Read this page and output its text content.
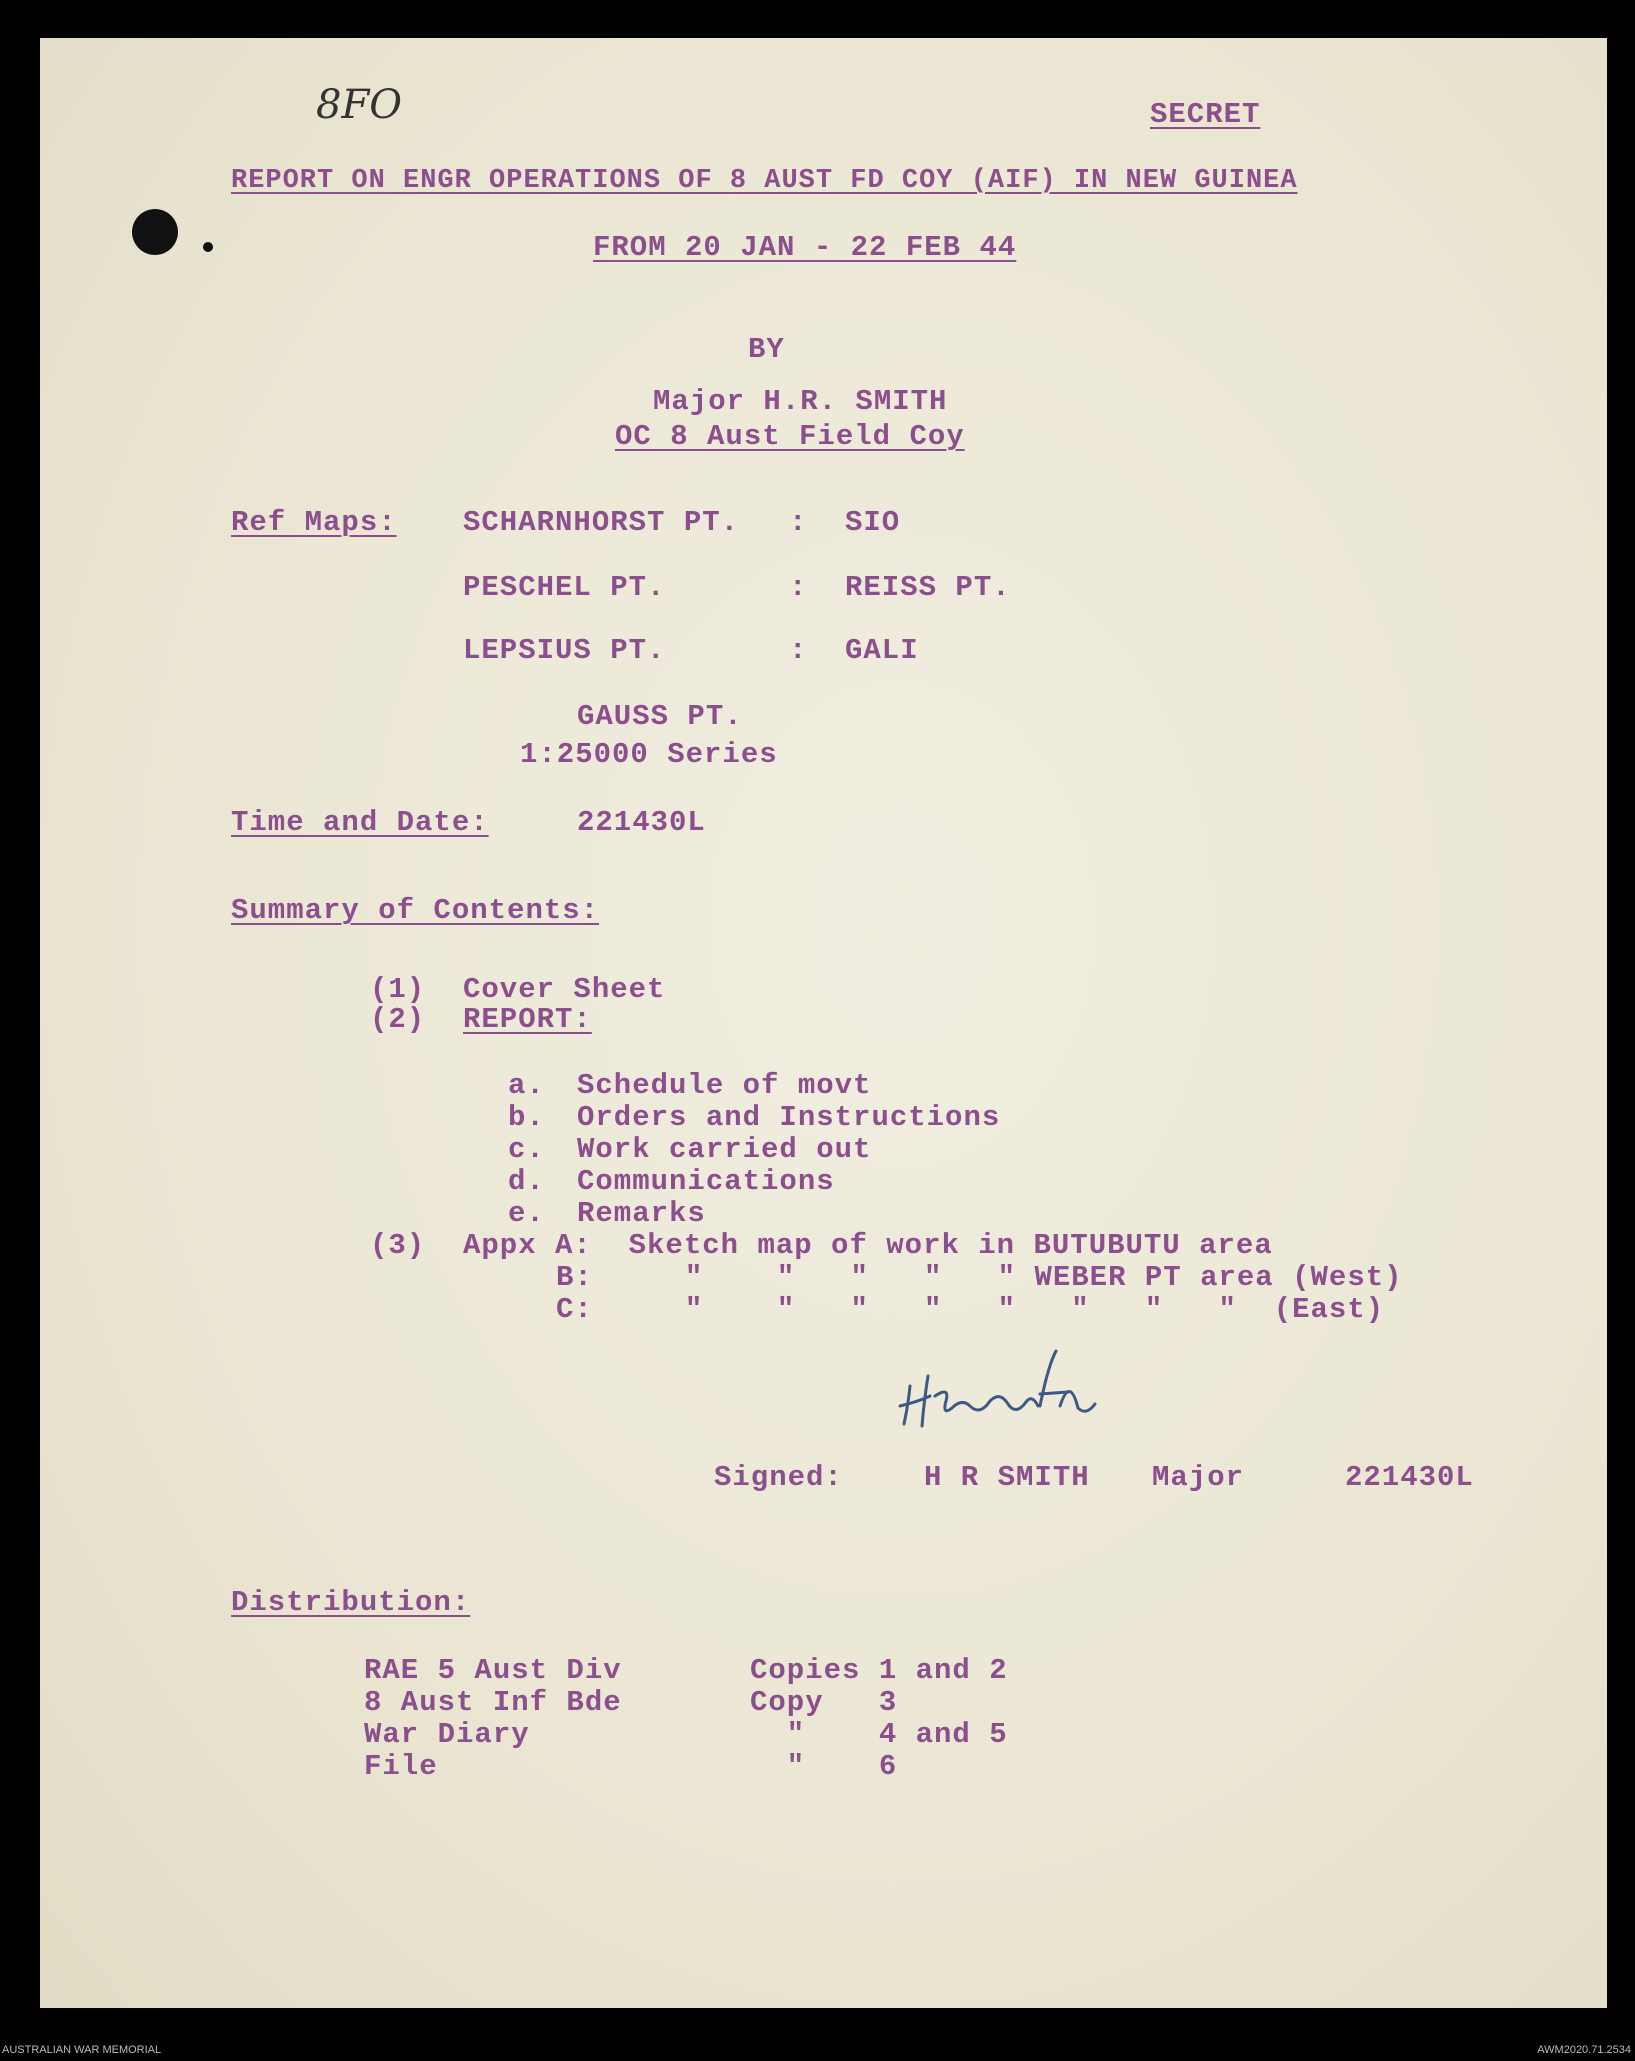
8FO	SECRET
REPORT ON ENGR OPERATIONS OF 8 AUST FD COY (AIF) IN NEW GUINEA
FROM 20 JAN - 22 FEB 44
BY
Major H.R. SMITH
OC 8 Aust Field Coy
Ref Maps: SCHARNHORST PT. : SIO
PESCHEL PT.	: REISS PT.
LEPSIUS PT.	: GALI
GAUSS PT.
1:25000 Series
Time and Date:	221430L
Summary of Contents:
(1) Cover Sheet
(2) REPORT:
a. Schedule of movt
b. Orders and Instructions
c. Work carried out
d. Communications
e. Remarks
(3) Appx A:  Sketch map of work in BUTUBUTU area
B:     "    "   "   "   " WEBER PT area (West)
C:     "    "   "   "   "   "   "   "  (East)
Signed:	H R SMITH Major	221430L
Distribution:
RAE 5 Aust Div	Copies 1 and 2
8 Aust Inf Bde	Copy   3
War Diary	"    4 and 5
File	"    6
AUSTRALIAN WAR MEMORIAL	AWM2020.71.2534
